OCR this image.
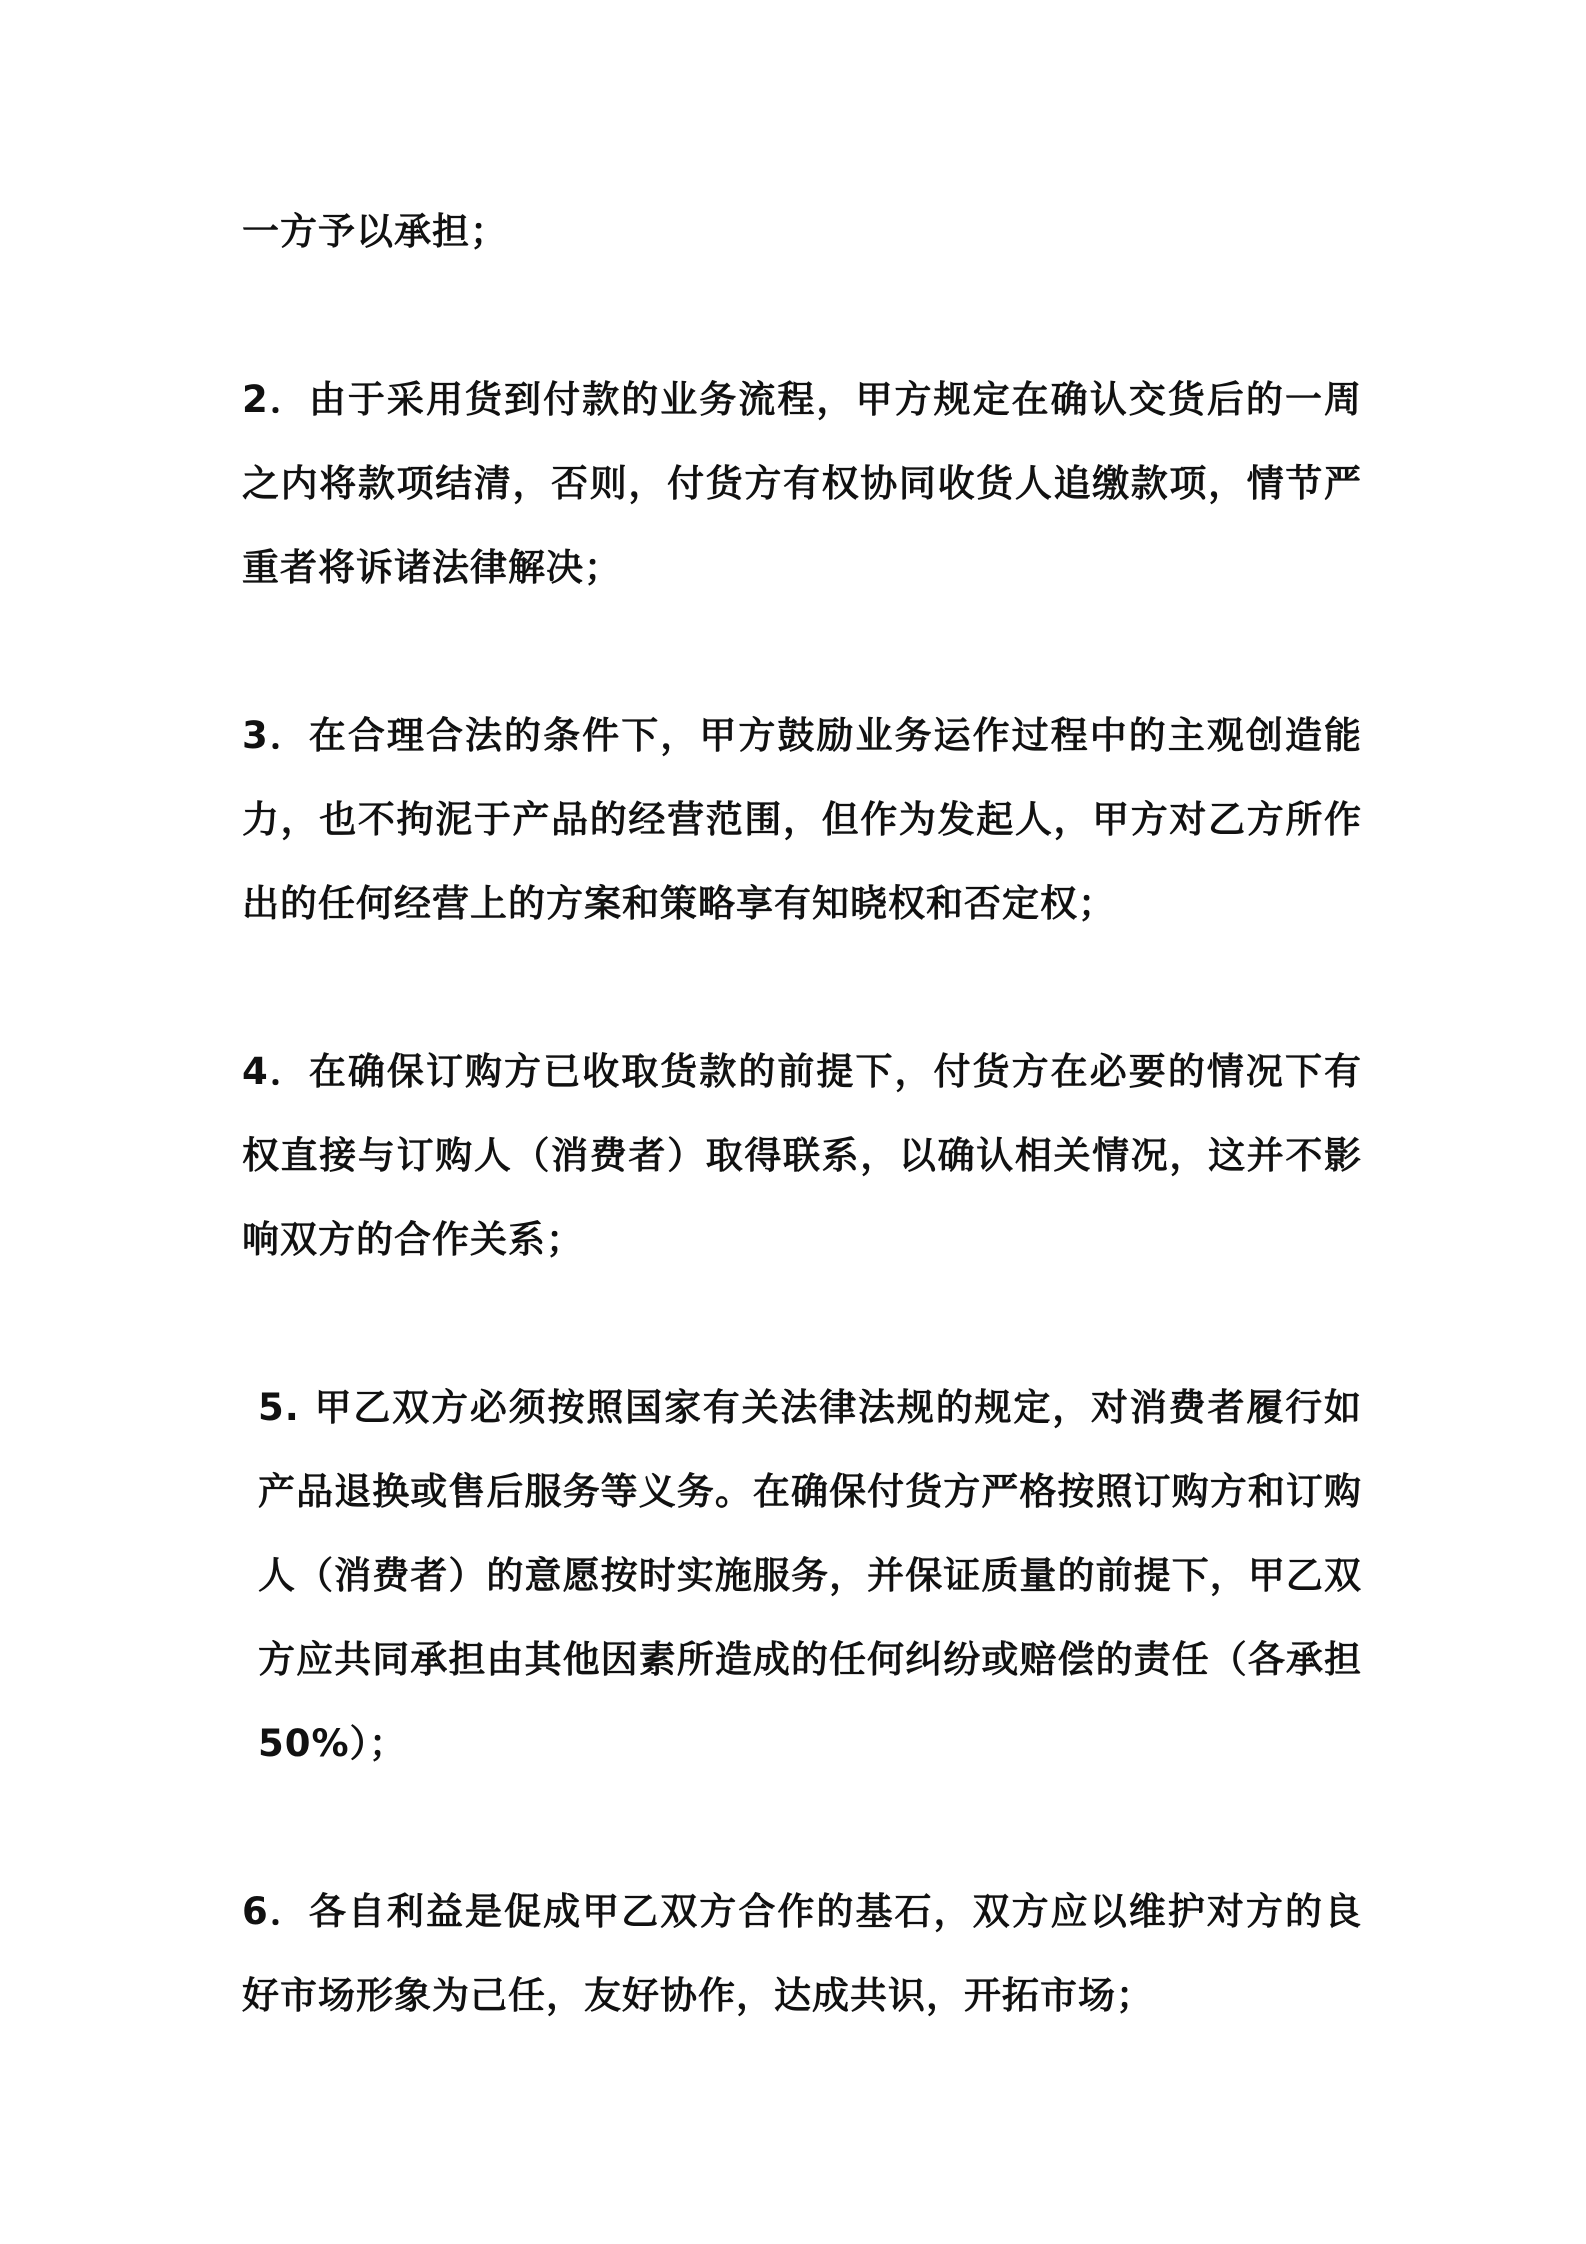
一方予以承担；

2．由于采用货到付款的业务流程，甲方规定在确认交货后的一周之内将款项结清，否则，付货方有权协同收货人追缴款项，情节严重者将诉诸法律解决；

3．在合理合法的条件下，甲方鼓励业务运作过程中的主观创造能力，也不拘泥于产品的经营范围，但作为发起人，甲方对乙方所作出的任何经营上的方案和策略享有知晓权和否定权；

4．在确保订购方已收取货款的前提下，付货方在必要的情况下有权直接与订购人（消费者）取得联系，以确认相关情况，这并不影响双方的合作关系；

5. 甲乙双方必须按照国家有关法律法规的规定，对消费者履行如产品退换或售后服务等义务。在确保付货方严格按照订购方和订购人（消费者）的意愿按时实施服务，并保证质量的前提下，甲乙双方应共同承担由其他因素所造成的任何纠纷或赔偿的责任（各承担 50%）；

6．各自利益是促成甲乙双方合作的基石，双方应以维护对方的良好市场形象为己任，友好协作，达成共识，开拓市场；
